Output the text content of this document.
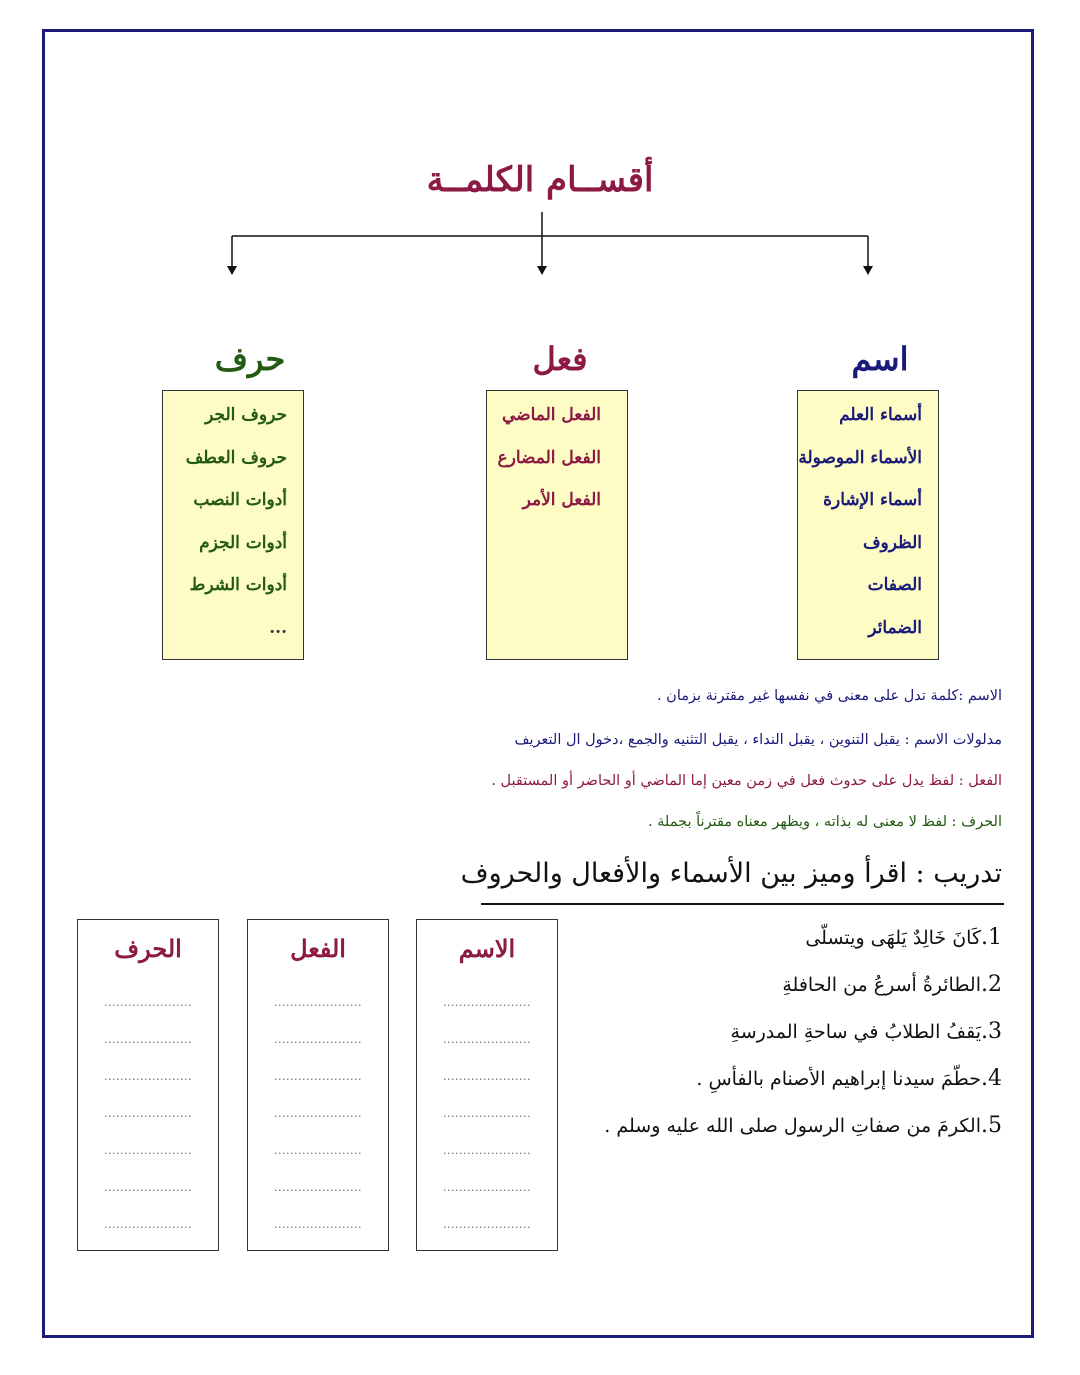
أقســام الكلمــة
اسم
فعل
حرف
أسماء العلم
الأسماء الموصولة
أسماء الإشارة
الظروف
الصفات
الضمائر
الفعل الماضي
الفعل المضارع
الفعل الأمر
حروف الجر
حروف العطف
أدوات النصب
أدوات الجزم
أدوات الشرط
...
الاسم :كلمة تدل على معنى في نفسها غير مقترنة بزمان .
مدلولات الاسم : يقبل التنوين ، يقبل النداء ، يقبل التثنيه والجمع ،دخول ال التعريف
الفعل : لفظ يدل على حدوث فعل في زمن معين إما الماضي أو الحاضر أو المستقبل .
الحرف : لفظ لا معنى له بذاته ، ويظهر معناه مقترناً بجملة .
تدريب : اقرأ وميز بين الأسماء والأفعال والحروف
1.كَانَ خَالِدٌ يَلهَى ويتسلّى
2.الطائرةُ أسرعُ من الحافلةِ
3.يَقفُ الطلابُ في ساحةِ المدرسةِ
4.حطّمَ سيدنا إبراهيم الأصنام بالفأسِ .
5.الكرمَ من صفاتِ الرسول صلى الله عليه وسلم .
الاسم
......................
......................
......................
......................
......................
......................
......................
الفعل
......................
......................
......................
......................
......................
......................
......................
الحرف
......................
......................
......................
......................
......................
......................
......................
